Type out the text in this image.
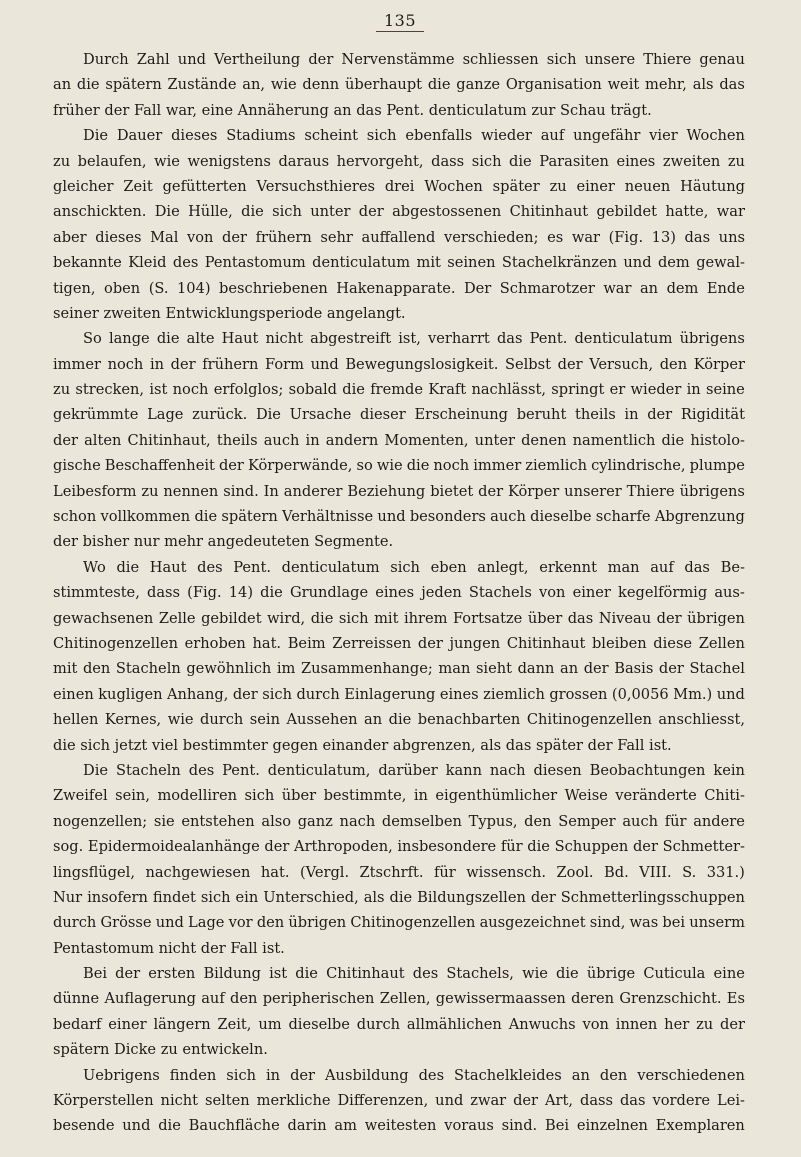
135
Durch Zahl und Vertheilung der Nervenstämme schliessen sich unsere Thiere genau
an die spätern Zustände an, wie denn überhaupt die ganze Organisation weit mehr, als das
früher der Fall war, eine Annäherung an das Pent. denticulatum zur Schau trägt.
Die Dauer dieses Stadiums scheint sich ebenfalls wieder auf ungefähr vier Wochen
zu belaufen, wie wenigstens daraus hervorgeht, dass sich die Parasiten eines zweiten zu
gleicher Zeit gefütterten Versuchsthieres drei Wochen später zu einer neuen Häutung
anschickten. Die Hülle, die sich unter der abgestossenen Chitinhaut gebildet hatte, war
aber dieses Mal von der frühern sehr auffallend verschieden; es war (Fig. 13) das uns
bekannte Kleid des Pentastomum denticulatum mit seinen Stachelkränzen und dem gewal-
tigen, oben (S. 104) beschriebenen Hakenapparate. Der Schmarotzer war an dem Ende
seiner zweiten Entwicklungsperiode angelangt.
So lange die alte Haut nicht abgestreift ist, verharrt das Pent. denticulatum übrigens
immer noch in der frühern Form und Bewegungslosigkeit. Selbst der Versuch, den Körper
zu strecken, ist noch erfolglos; sobald die fremde Kraft nachlässt, springt er wieder in seine
gekrümmte Lage zurück. Die Ursache dieser Erscheinung beruht theils in der Rigidität
der alten Chitinhaut, theils auch in andern Momenten, unter denen namentlich die histolo-
gische Beschaffenheit der Körperwände, so wie die noch immer ziemlich cylindrische, plumpe
Leibesform zu nennen sind. In anderer Beziehung bietet der Körper unserer Thiere übrigens
schon vollkommen die spätern Verhältnisse und besonders auch dieselbe scharfe Abgrenzung
der bisher nur mehr angedeuteten Segmente.
Wo die Haut des Pent. denticulatum sich eben anlegt, erkennt man auf das Be-
stimmteste, dass (Fig. 14) die Grundlage eines jeden Stachels von einer kegelförmig aus-
gewachsenen Zelle gebildet wird, die sich mit ihrem Fortsatze über das Niveau der übrigen
Chitinogenzellen erhoben hat. Beim Zerreissen der jungen Chitinhaut bleiben diese Zellen
mit den Stacheln gewöhnlich im Zusammenhange; man sieht dann an der Basis der Stachel
einen kugligen Anhang, der sich durch Einlagerung eines ziemlich grossen (0,0056 Mm.) und
hellen Kernes, wie durch sein Aussehen an die benachbarten Chitinogenzellen anschliesst,
die sich jetzt viel bestimmter gegen einander abgrenzen, als das später der Fall ist.
Die Stacheln des Pent. denticulatum, darüber kann nach diesen Beobachtungen kein
Zweifel sein, modelliren sich über bestimmte, in eigenthümlicher Weise veränderte Chiti-
nogenzellen; sie entstehen also ganz nach demselben Typus, den Semper auch für andere
sog. Epidermoidealanhänge der Arthropoden, insbesondere für die Schuppen der Schmetter-
lingsflügel, nachgewiesen hat. (Vergl. Ztschrft. für wissensch. Zool. Bd. VIII. S. 331.)
Nur insofern findet sich ein Unterschied, als die Bildungszellen der Schmetterlingsschuppen
durch Grösse und Lage vor den übrigen Chitinogenzellen ausgezeichnet sind, was bei unserm
Pentastomum nicht der Fall ist.
Bei der ersten Bildung ist die Chitinhaut des Stachels, wie die übrige Cuticula eine
dünne Auflagerung auf den peripherischen Zellen, gewissermaassen deren Grenzschicht. Es
bedarf einer längern Zeit, um dieselbe durch allmählichen Anwuchs von innen her zu der
spätern Dicke zu entwickeln.
Uebrigens finden sich in der Ausbildung des Stachelkleides an den verschiedenen
Körperstellen nicht selten merkliche Differenzen, und zwar der Art, dass das vordere Lei-
besende und die Bauchfläche darin am weitesten voraus sind. Bei einzelnen Exemplaren
